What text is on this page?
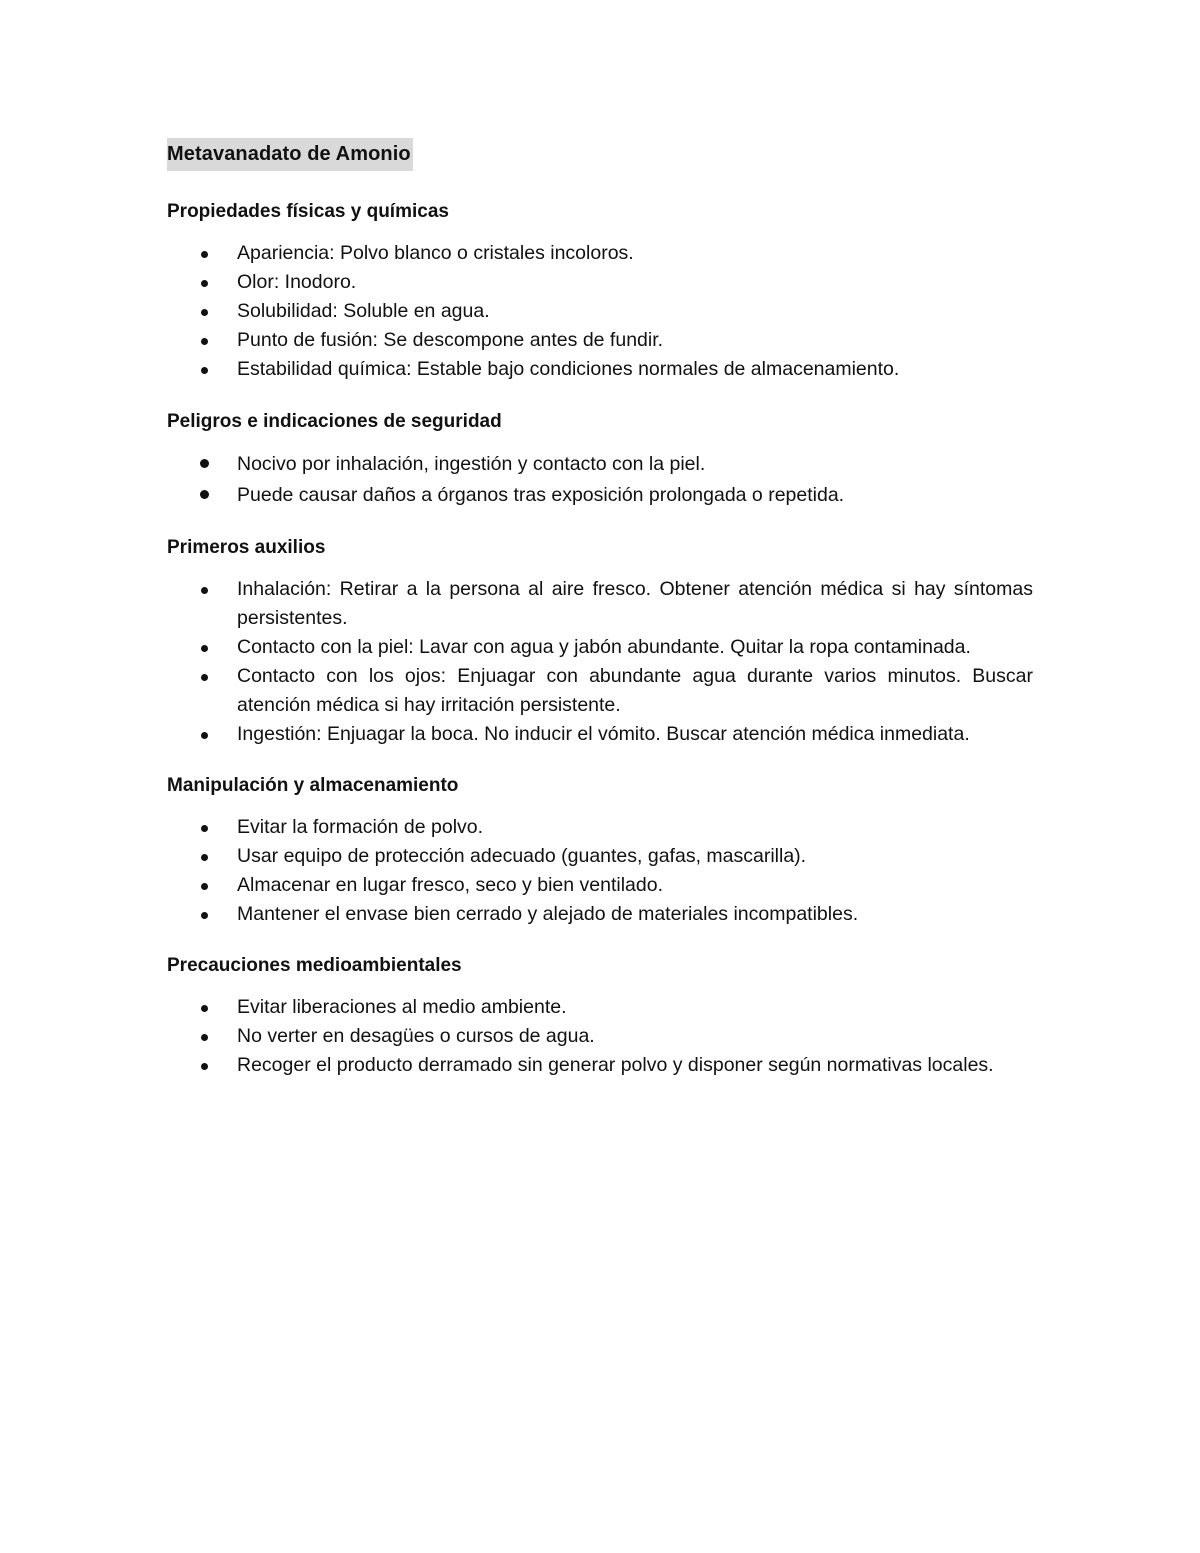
Metavanadato de Amonio
Propiedades físicas y químicas
Apariencia: Polvo blanco o cristales incoloros.
Olor: Inodoro.
Solubilidad: Soluble en agua.
Punto de fusión: Se descompone antes de fundir.
Estabilidad química: Estable bajo condiciones normales de almacenamiento.
Peligros e indicaciones de seguridad
Nocivo por inhalación, ingestión y contacto con la piel.
Puede causar daños a órganos tras exposición prolongada o repetida.
Primeros auxilios
Inhalación: Retirar a la persona al aire fresco. Obtener atención médica si hay síntomas persistentes.
Contacto con la piel: Lavar con agua y jabón abundante. Quitar la ropa contaminada.
Contacto con los ojos: Enjuagar con abundante agua durante varios minutos. Buscar atención médica si hay irritación persistente.
Ingestión: Enjuagar la boca. No inducir el vómito. Buscar atención médica inmediata.
Manipulación y almacenamiento
Evitar la formación de polvo.
Usar equipo de protección adecuado (guantes, gafas, mascarilla).
Almacenar en lugar fresco, seco y bien ventilado.
Mantener el envase bien cerrado y alejado de materiales incompatibles.
Precauciones medioambientales
Evitar liberaciones al medio ambiente.
No verter en desagües o cursos de agua.
Recoger el producto derramado sin generar polvo y disponer según normativas locales.
